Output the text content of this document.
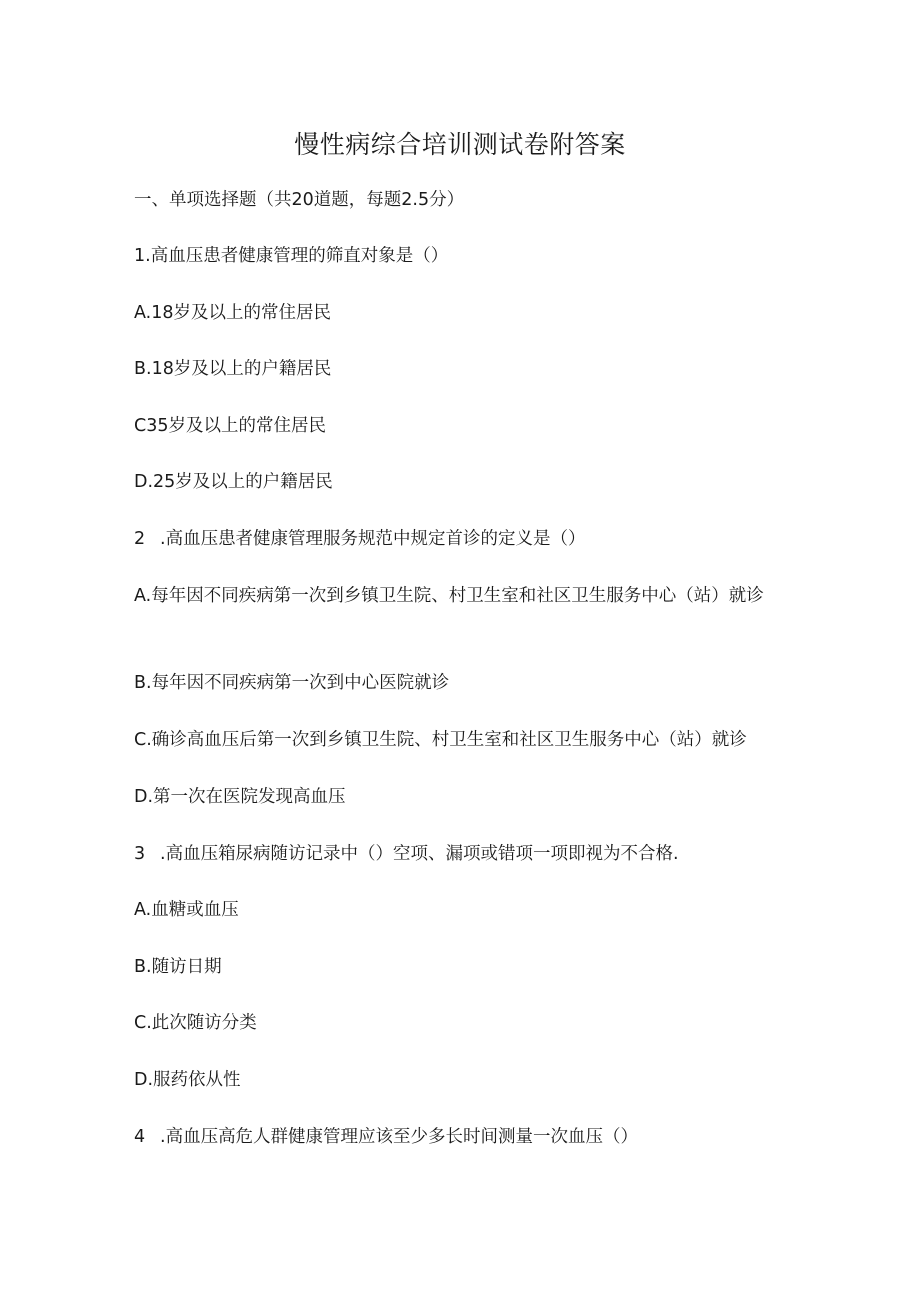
慢性病综合培训测试卷附答案
一、单项选择题（共20道题，每题2.5分）
1.高血压患者健康管理的筛直对象是（）
A.18岁及以上的常住居民
B.18岁及以上的户籍居民
C35岁及以上的常住居民
D.25岁及以上的户籍居民
2 .高血压患者健康管理服务规范中规定首诊的定义是（）
A.每年因不同疾病第一次到乡镇卫生院、村卫生室和社区卫生服务中心（站）就诊
B.每年因不同疾病第一次到中心医院就诊
C.确诊高血压后第一次到乡镇卫生院、村卫生室和社区卫生服务中心（站）就诊
D.第一次在医院发现高血压
3 .高血压箱尿病随访记录中（）空项、漏项或错项一项即视为不合格.
A.血糖或血压
B.随访日期
C.此次随访分类
D.服药依从性
4 .高血压高危人群健康管理应该至少多长时间测量一次血压（）
